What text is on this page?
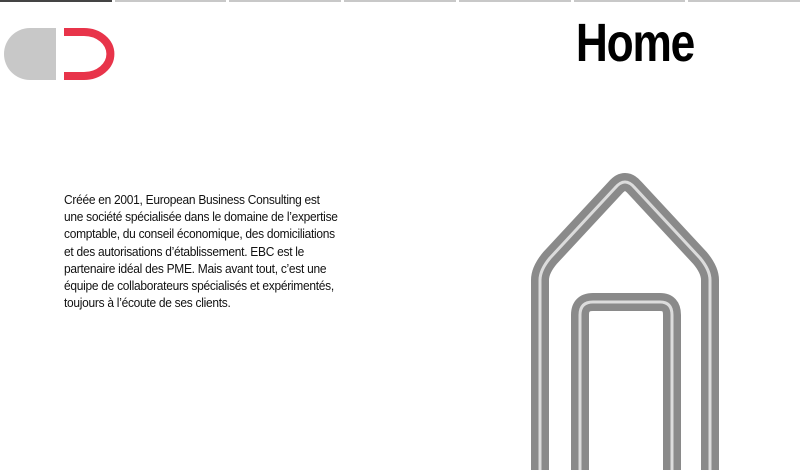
Home
Créée en 2001, European Business Consulting est
une société spécialisée dans le domaine de l’expertise
comptable, du conseil économique, des domiciliations
et des autorisations d’établissement. EBC est le
partenaire idéal des PME. Mais avant tout, c’est une
équipe de collaborateurs spécialisés et expérimentés,
toujours à l’écoute de ses clients.
